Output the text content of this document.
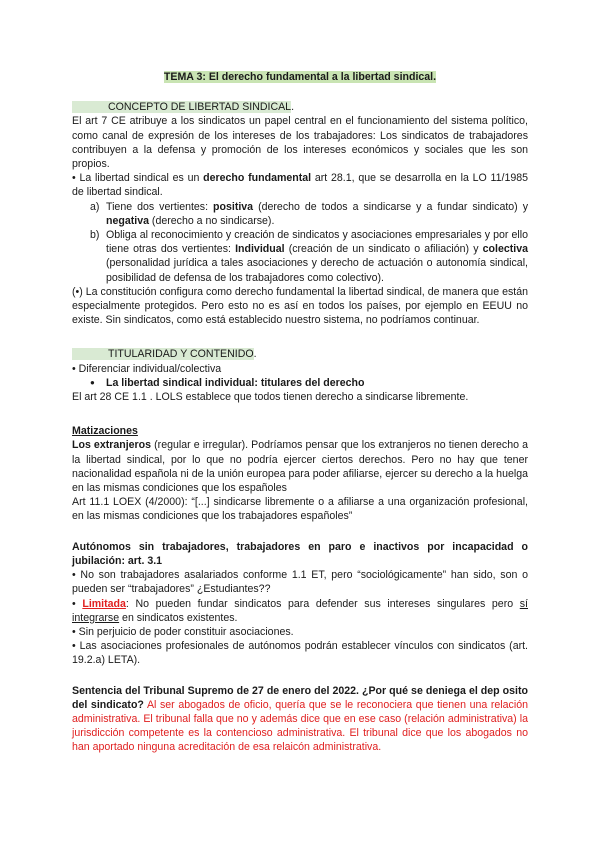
TEMA 3: El derecho fundamental a la libertad sindical.

CONCEPTO DE LIBERTAD SINDICAL.

El art 7 CE atribuye a los sindicatos un papel central en el funcionamiento del sistema político, como canal de expresión de los intereses de los trabajadores: Los sindicatos de trabajadores contribuyen a la defensa y promoción de los intereses económicos y sociales que les son propios.

• La libertad sindical es un derecho fundamental art 28.1, que se desarrolla en la LO 11/1985 de libertad sindical.

a) Tiene dos vertientes: positiva (derecho de todos a sindicarse y a fundar sindicato) y negativa (derecho a no sindicarse).
b) Obliga al reconocimiento y creación de sindicatos y asociaciones empresariales y por ello tiene otras dos vertientes: Individual (creación de un sindicato o afiliación) y colectiva (personalidad jurídica a tales asociaciones y derecho de actuación o autonomía sindical, posibilidad de defensa de los trabajadores como colectivo).

(•) La constitución configura como derecho fundamental la libertad sindical, de manera que están especialmente protegidos. Pero esto no es así en todos los países, por ejemplo en EEUU no existe. Sin sindicatos, como está establecido nuestro sistema, no podríamos continuar.

TITULARIDAD Y CONTENIDO.

• Diferenciar individual/colectiva

● La libertad sindical individual: titulares del derecho

El art 28 CE 1.1 . LOLS establece que todos tienen derecho a sindicarse libremente.

Matizaciones

Los extranjeros (regular e irregular). Podríamos pensar que los extranjeros no tienen derecho a la libertad sindical, por lo que no podría ejercer ciertos derechos. Pero no hay que tener nacionalidad española ni de la unión europea para poder afiliarse, ejercer su derecho a la huelga en las mismas condiciones que los españoles

Art 11.1 LOEX (4/2000): “[...] sindicarse libremente o a afiliarse a una organización profesional, en las mismas condiciones que los trabajadores españoles”

Autónomos sin trabajadores, trabajadores en paro e inactivos por incapacidad o jubilación: art. 3.1

• No son trabajadores asalariados conforme 1.1 ET, pero “sociológicamente” han sido, son o pueden ser “trabajadores” ¿Estudiantes??

• Limitada: No pueden fundar sindicatos para defender sus intereses singulares pero sí integrarse en sindicatos existentes.

• Sin perjuicio de poder constituir asociaciones.

• Las asociaciones profesionales de autónomos podrán establecer vínculos con sindicatos (art. 19.2.a) LETA).

Sentencia del Tribunal Supremo de 27 de enero del 2022. ¿Por qué se deniega el dep osito del sindicato? Al ser abogados de oficio, quería que se le reconociera que tienen una relación administrativa. El tribunal falla que no y además dice que en ese caso (relación administrativa) la jurisdicción competente es la contencioso administrativa. El tribunal dice que los abogados no han aportado ninguna acreditación de esa relaicón administrativa.
